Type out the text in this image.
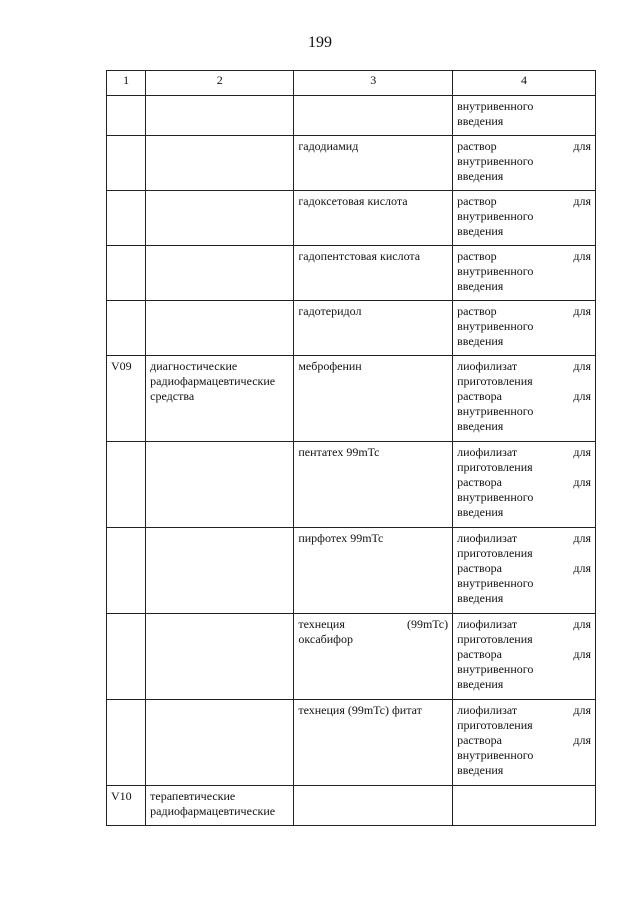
199
1	2	3	4

			внутривенного
введения

		гадодиамид	раствор для
внутривенного
введения

		гадоксетовая кислота	раствор для
внутривенного
введения

		гадопентстовая кислота	раствор для
внутривенного
введения

		гадотеридол	раствор для
внутривенного
введения

V09	диагностические
радиофармацевтические
средства	меброфенин	лиофилизат для
приготовления
раствора для
внутривенного
введения

		пентатех 99mTc	лиофилизат для
приготовления
раствора для
внутривенного
введения

		пирфотех 99mTc	лиофилизат для
приготовления
раствора для
внутривенного
введения

		технеция (99mTc)
оксабифор	лиофилизат для
приготовления
раствора для
внутривенного
введения

		технеция (99mTc) фитат	лиофилизат для
приготовления
раствора для
внутривенного
введения

V10	терапевтические
радиофармацевтические		
